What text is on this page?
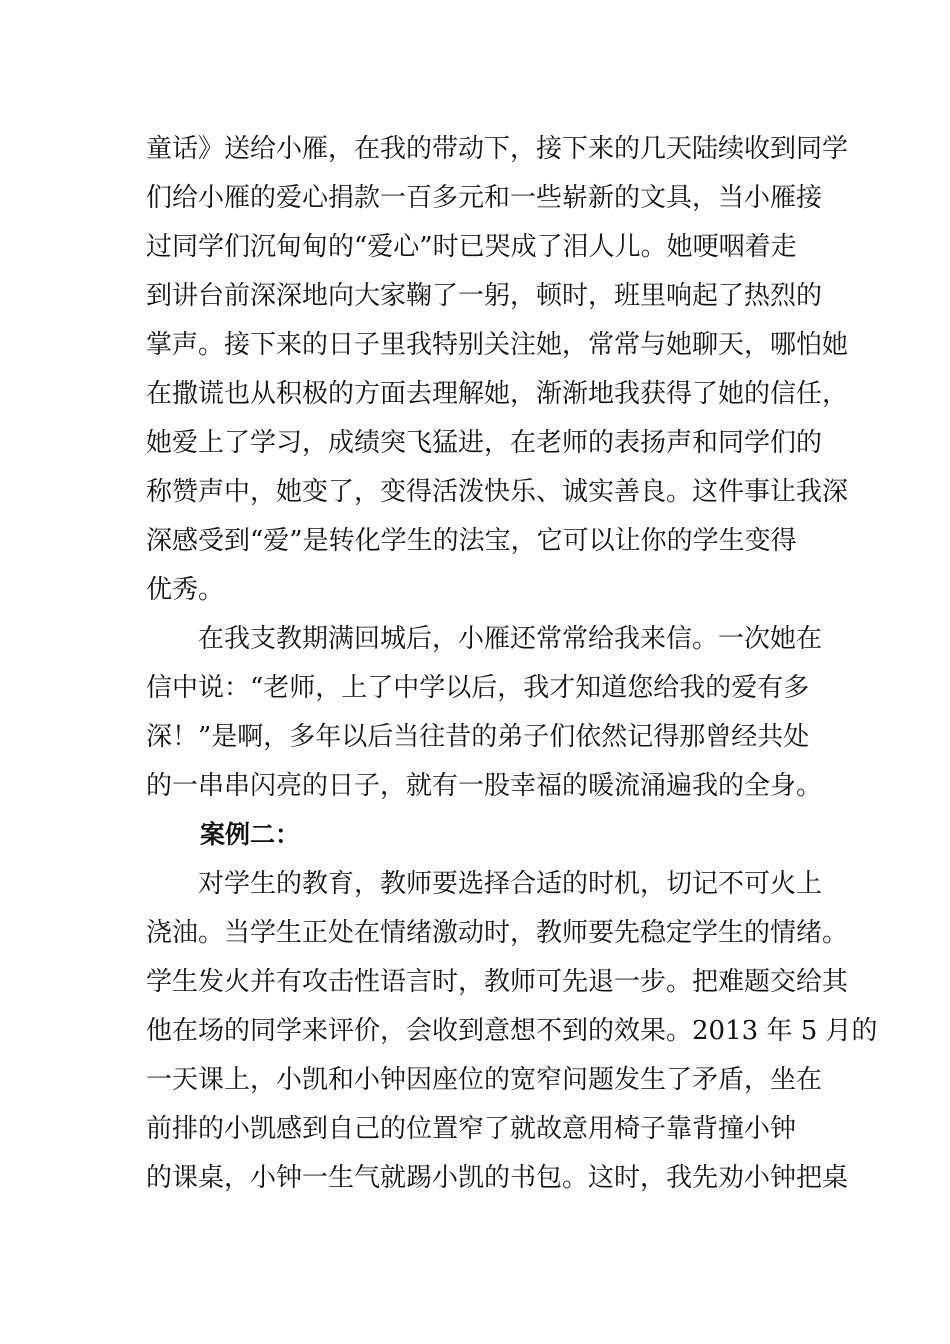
童话》送给小雁，在我的带动下，接下来的几天陆续收到同学
们给小雁的爱心捐款一百多元和一些崭新的文具，当小雁接
过同学们沉甸甸的“爱心”时已哭成了泪人儿。她哽咽着走
到讲台前深深地向大家鞠了一躬，顿时，班里响起了热烈的
掌声。接下来的日子里我特别关注她，常常与她聊天，哪怕她
在撒谎也从积极的方面去理解她，渐渐地我获得了她的信任，
她爱上了学习，成绩突飞猛进，在老师的表扬声和同学们的
称赞声中，她变了，变得活泼快乐、诚实善良。这件事让我深
深感受到“爱”是转化学生的法宝，它可以让你的学生变得
优秀。
在我支教期满回城后，小雁还常常给我来信。一次她在
信中说：“老师，上了中学以后，我才知道您给我的爱有多
深！”是啊，多年以后当往昔的弟子们依然记得那曾经共处
的一串串闪亮的日子，就有一股幸福的暖流涌遍我的全身。
案例二：
对学生的教育，教师要选择合适的时机，切记不可火上
浇油。当学生正处在情绪激动时，教师要先稳定学生的情绪。
学生发火并有攻击性语言时，教师可先退一步。把难题交给其
他在场的同学来评价，会收到意想不到的效果。2013 年 5 月的
一天课上，小凯和小钟因座位的宽窄问题发生了矛盾，坐在
前排的小凯感到自己的位置窄了就故意用椅子靠背撞小钟
的课桌，小钟一生气就踢小凯的书包。这时，我先劝小钟把桌
